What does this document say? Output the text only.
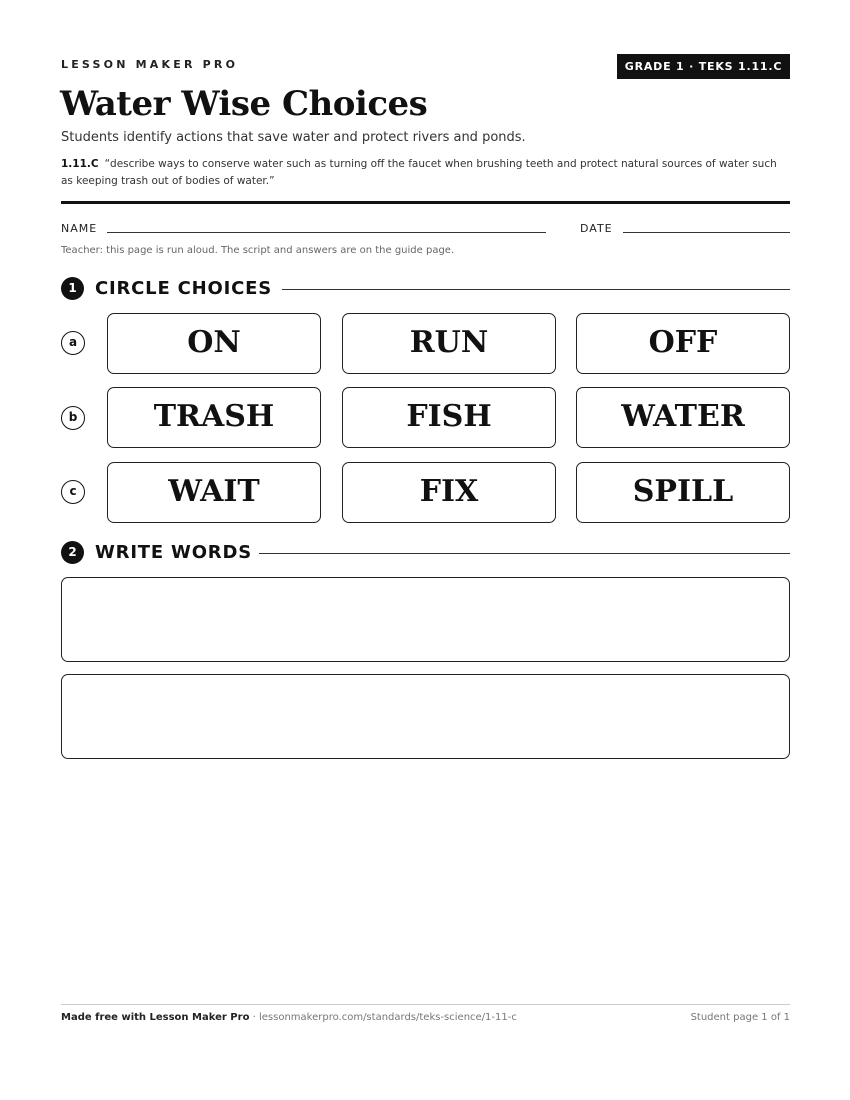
LESSON MAKER PRO	GRADE 1 · TEKS 1.11.C
Water Wise Choices
Students identify actions that save water and protect rivers and ponds.
1.11.C “describe ways to conserve water such as turning off the faucet when brushing teeth and protect natural sources of water such as keeping trash out of bodies of water.”
NAME	DATE
Teacher: this page is run aloud. The script and answers are on the guide page.
1	CIRCLE CHOICES
a	ON	RUN	OFF
b	TRASH	FISH	WATER
c	WAIT	FIX	SPILL
2	WRITE WORDS
Made free with Lesson Maker Pro · lessonmakerpro.com/standards/teks-science/1-11-c	Student page 1 of 1
